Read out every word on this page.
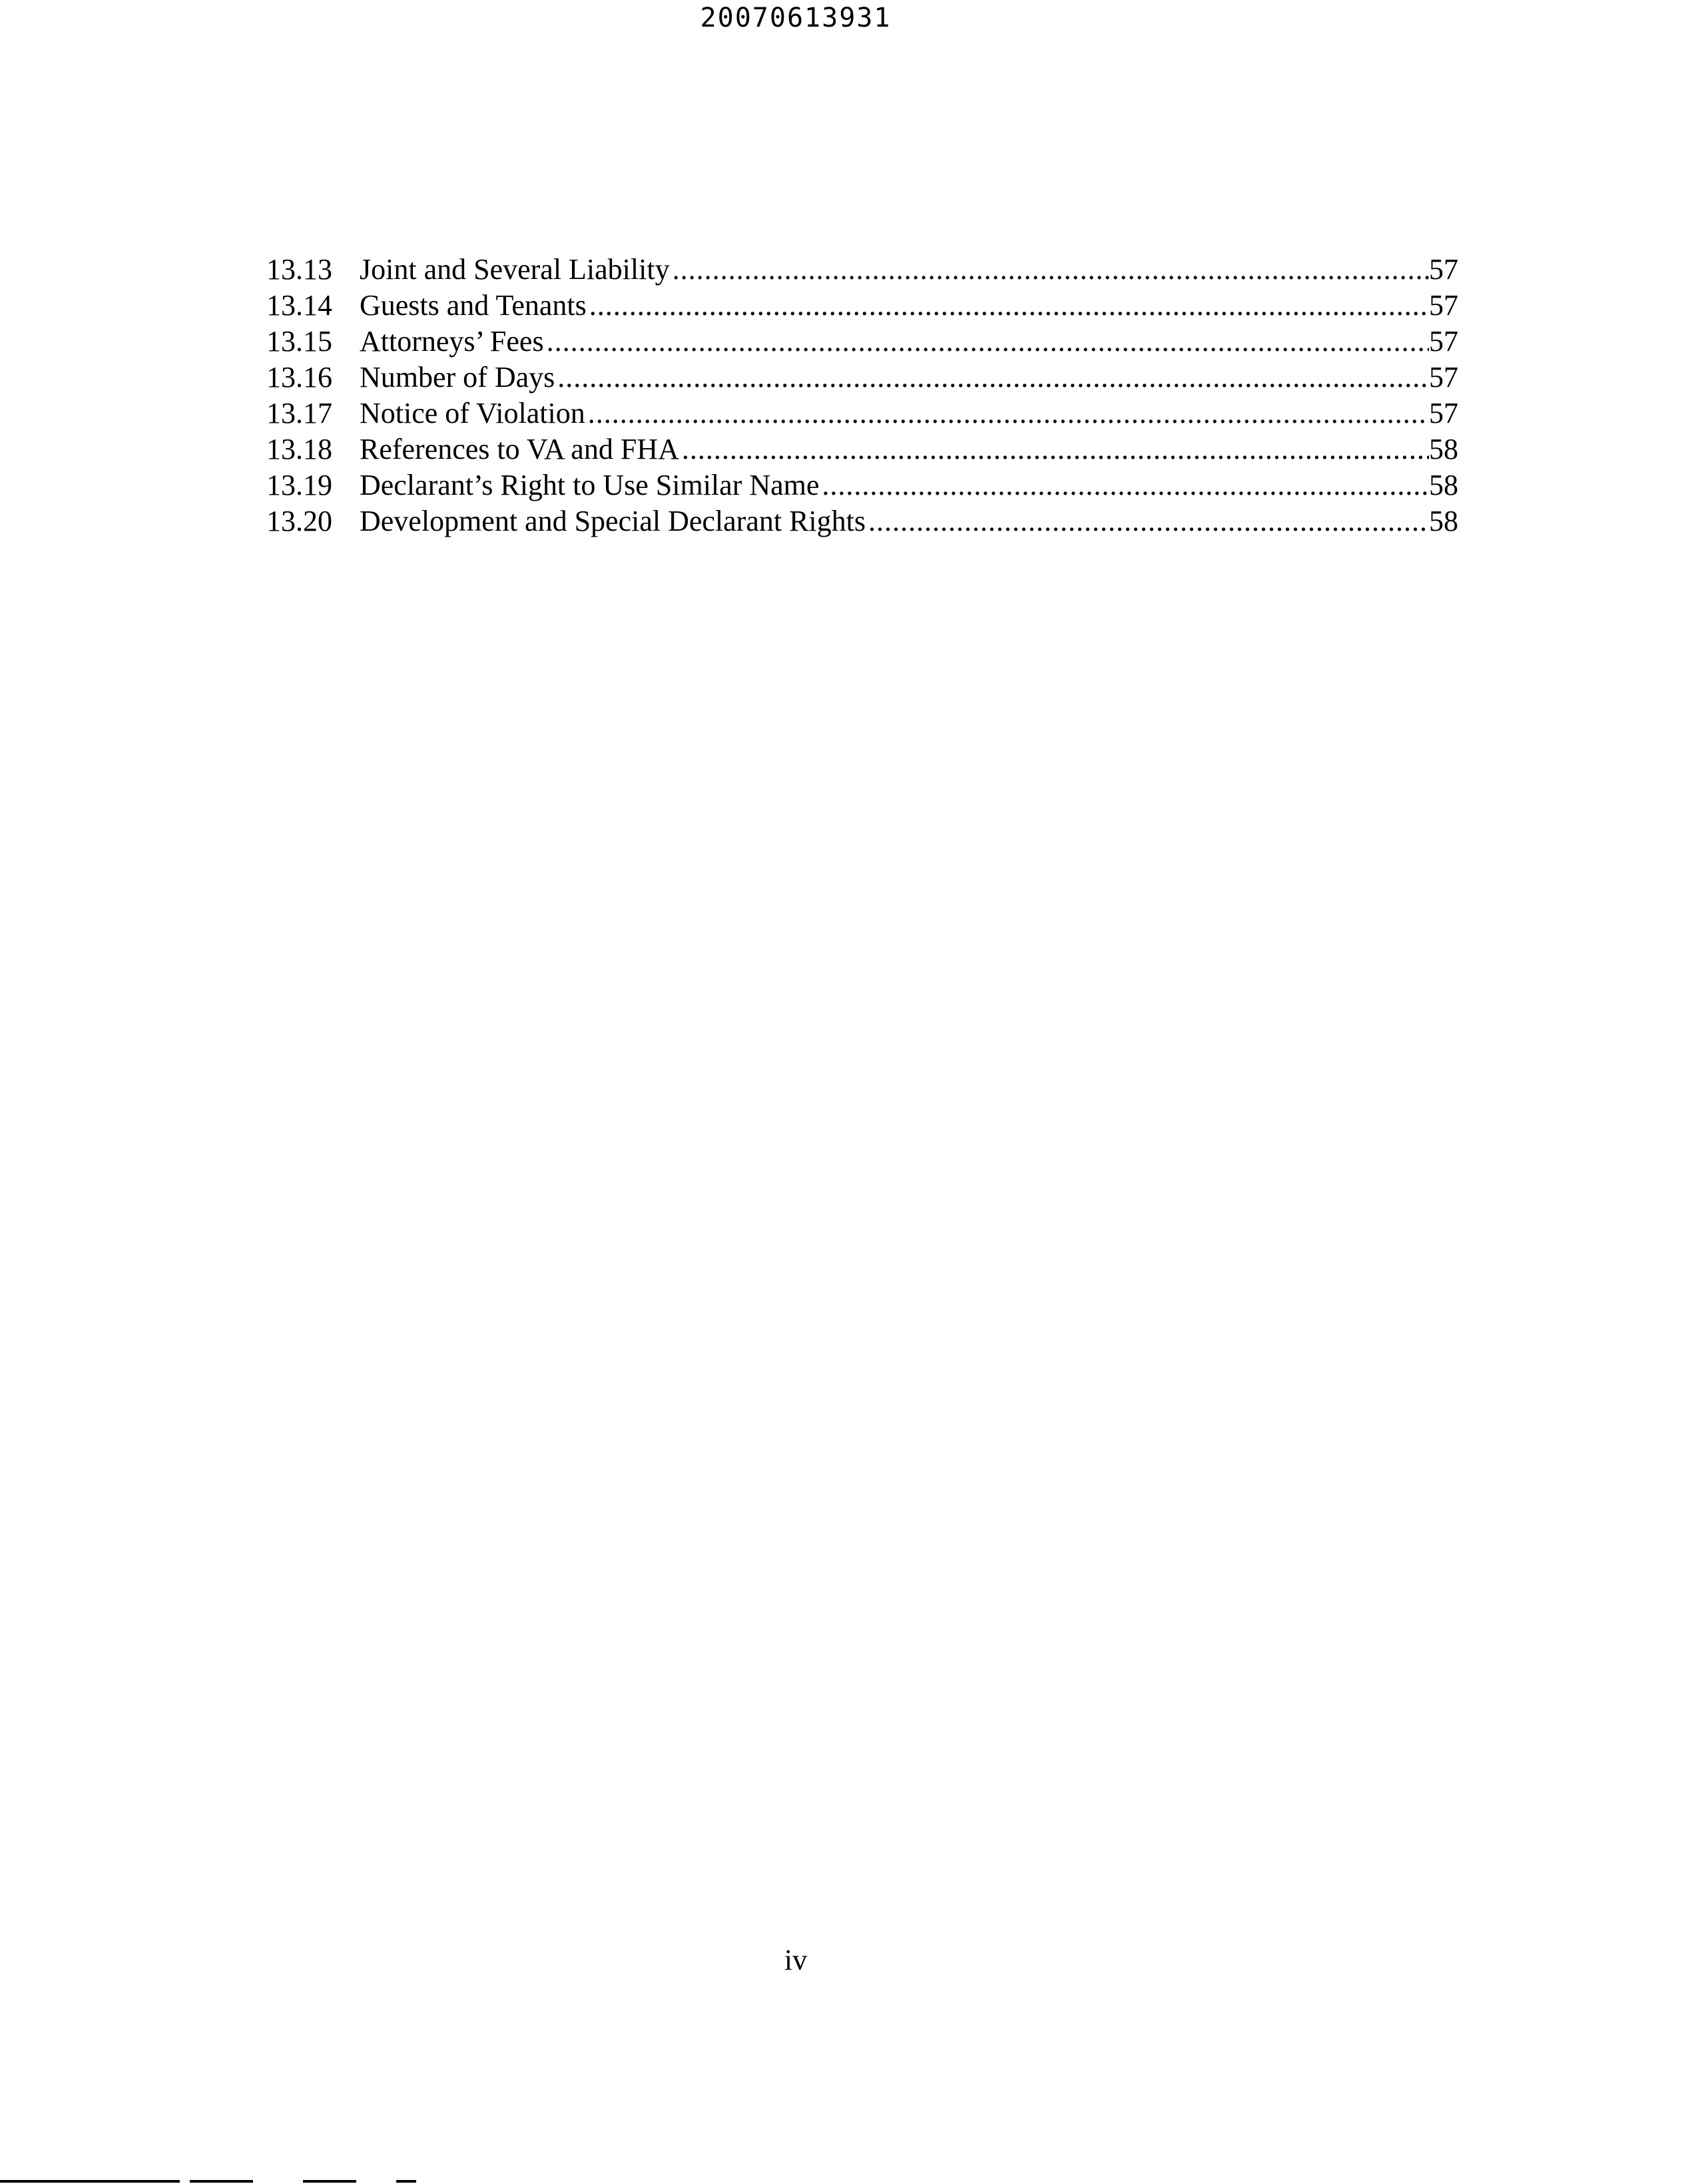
20070613931
13.13 Joint and Several Liability .....	57
13.14 Guests and Tenants .....	57
13.15 Attorneys’ Fees .....	57
13.16 Number of Days .....	57
13.17 Notice of Violation .....	57
13.18 References to VA and FHA .....	58
13.19 Declarant’s Right to Use Similar Name .....	58
13.20 Development and Special Declarant Rights .....	58
iv
